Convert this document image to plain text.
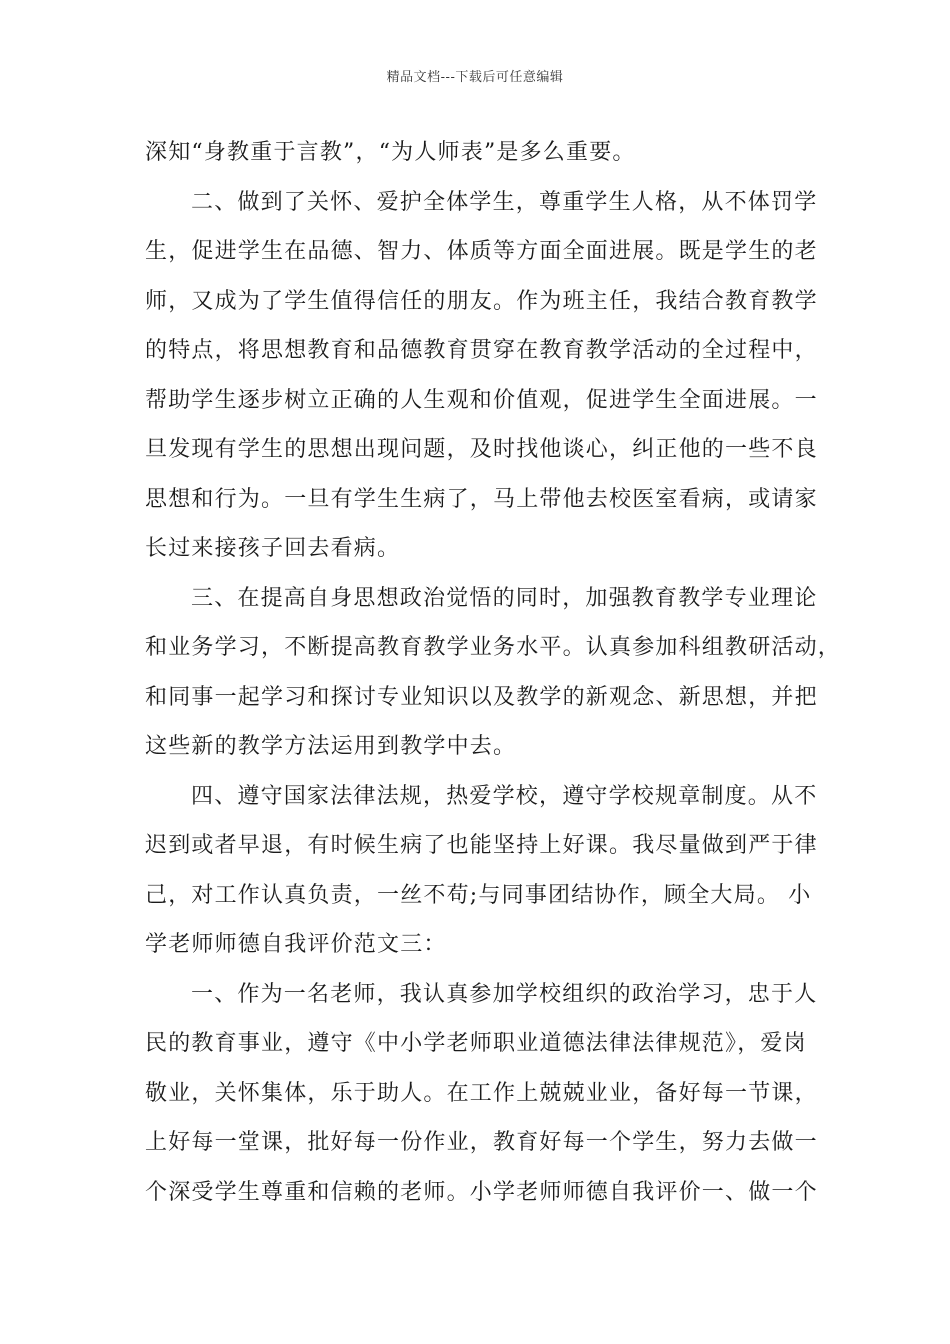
精品文档---下载后可任意编辑
深知“身教重于言教”，“为人师表”是多么重要。
二、做到了关怀、爱护全体学生，尊重学生人格，从不体罚学
生，促进学生在品德、智力、体质等方面全面进展。既是学生的老
师，又成为了学生值得信任的朋友。作为班主任，我结合教育教学
的特点，将思想教育和品德教育贯穿在教育教学活动的全过程中，
帮助学生逐步树立正确的人生观和价值观，促进学生全面进展。一
旦发现有学生的思想出现问题，及时找他谈心，纠正他的一些不良
思想和行为。一旦有学生生病了，马上带他去校医室看病，或请家
长过来接孩子回去看病。
三、在提高自身思想政治觉悟的同时，加强教育教学专业理论
和业务学习，不断提高教育教学业务水平。认真参加科组教研活动，
和同事一起学习和探讨专业知识以及教学的新观念、新思想，并把
这些新的教学方法运用到教学中去。
四、遵守国家法律法规，热爱学校，遵守学校规章制度。从不
迟到或者早退，有时候生病了也能坚持上好课。我尽量做到严于律
己，对工作认真负责，一丝不苟;与同事团结协作，顾全大局。 小
学老师师德自我评价范文三：
一、作为一名老师，我认真参加学校组织的政治学习，忠于人
民的教育事业，遵守《中小学老师职业道德法律法律规范》，爱岗
敬业，关怀集体，乐于助人。在工作上兢兢业业，备好每一节课，
上好每一堂课，批好每一份作业，教育好每一个学生，努力去做一
个深受学生尊重和信赖的老师。小学老师师德自我评价一、做一个
